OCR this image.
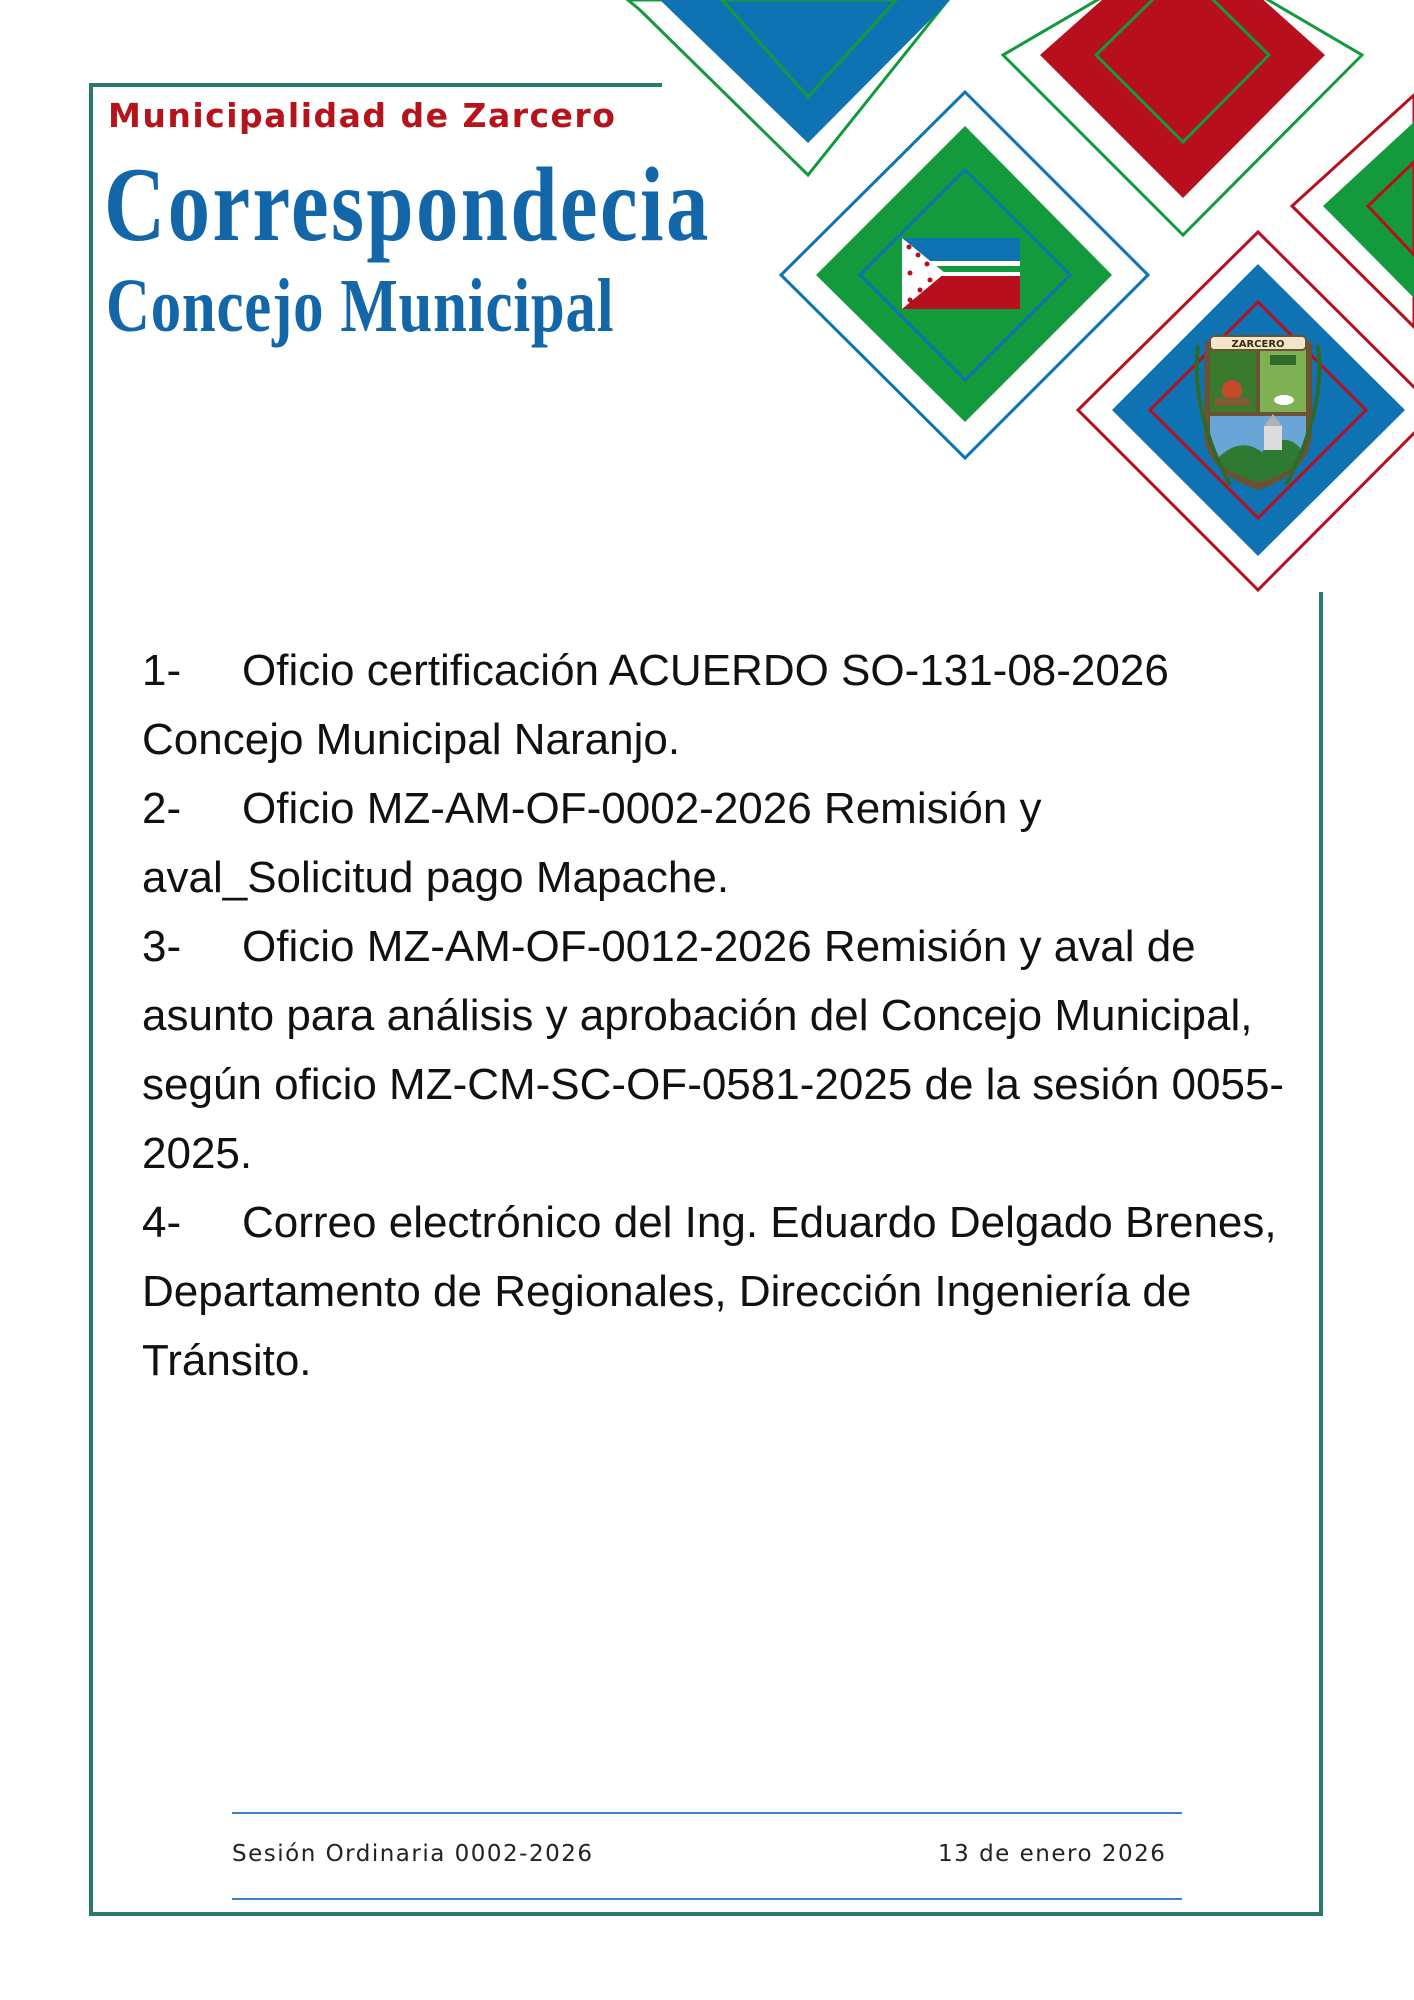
Municipalidad de Zarcero
Correspondecia
Concejo Municipal	ZARCERO
1- Oficio certificación ACUERDO SO-131-08-2026 Concejo Municipal Naranjo.
2- Oficio MZ-AM-OF-0002-2026 Remisión y aval_Solicitud pago Mapache.
3- Oficio MZ-AM-OF-0012-2026 Remisión y aval de asunto para análisis y aprobación del Concejo Municipal, según oficio MZ-CM-SC-OF-0581-2025 de la sesión 0055-2025.
4- Correo electrónico del Ing. Eduardo Delgado Brenes, Departamento de Regionales, Dirección Ingeniería de Tránsito.
Sesión Ordinaria 0002-2026	13 de enero 2026
